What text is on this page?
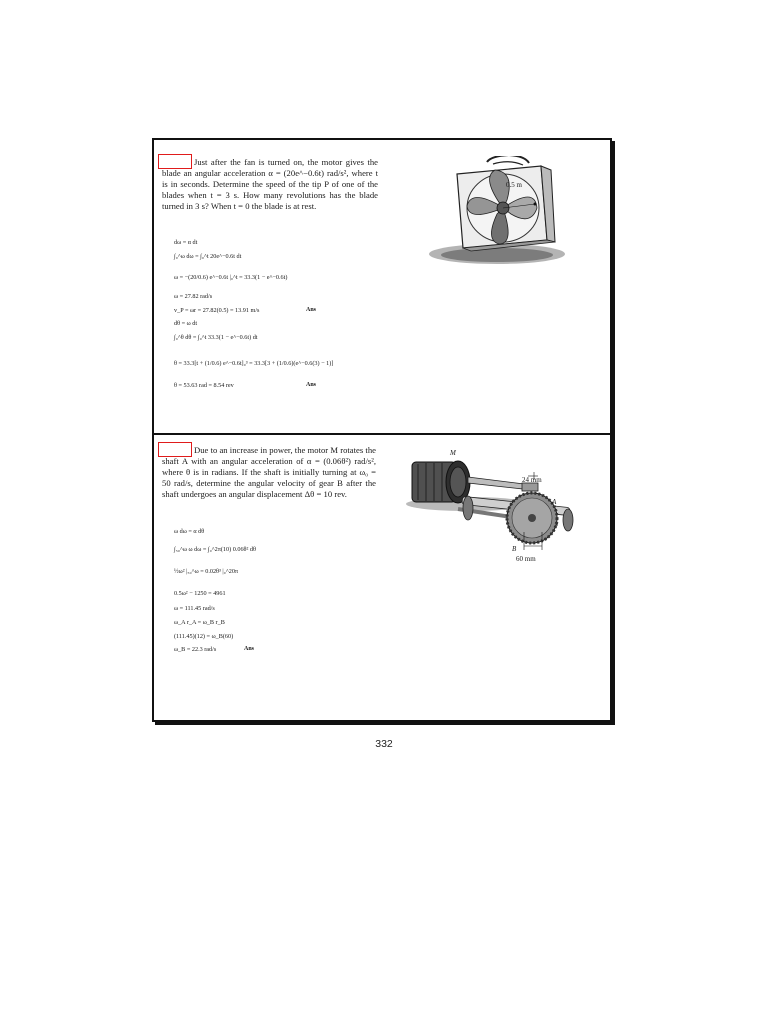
Just after the fan is turned on, the motor gives the blade an angular acceleration α = (20e^−0.6t) rad/s², where t is in seconds. Determine the speed of the tip P of one of the blades when t = 3 s. How many revolutions has the blade turned in 3 s? When t = 0 the blade is at rest.
0.5 m
dω = α dt
∫₀^ω dω = ∫₀^t 20e^−0.6t dt
ω = −(20/0.6) e^−0.6t |₀^t = 33.3(1 − e^−0.6t)
ω = 27.82 rad/s
v_P = ωr = 27.82(0.5) = 13.91 m/s	Ans
dθ = ω dt
∫₀^θ dθ = ∫₀^t 33.3(1 − e^−0.6t) dt
θ = 33.3[t + (1/0.6) e^−0.6t]₀³ = 33.3[3 + (1/0.6)(e^−0.6(3) − 1)]
θ = 53.63 rad = 8.54 rev	Ans
Due to an increase in power, the motor M rotates the shaft A with an angular acceleration of α = (0.06θ²) rad/s², where θ is in radians. If the shaft is initially turning at ω₀ = 50 rad/s, determine the angular velocity of gear B after the shaft undergoes an angular displacement Δθ = 10 rev.
M
24 mm
A
B
60 mm
ω dω = α dθ
∫₅₀^ω ω dω = ∫₀^2π(10) 0.06θ² dθ
½ω² |₅₀^ω = 0.02θ³ |₀^20π
0.5ω² − 1250 = 4961
ω = 111.45 rad/s
ω_A r_A = ω_B r_B
(111.45)(12) = ω_B(60)
ω_B = 22.3 rad/s	Ans
332
